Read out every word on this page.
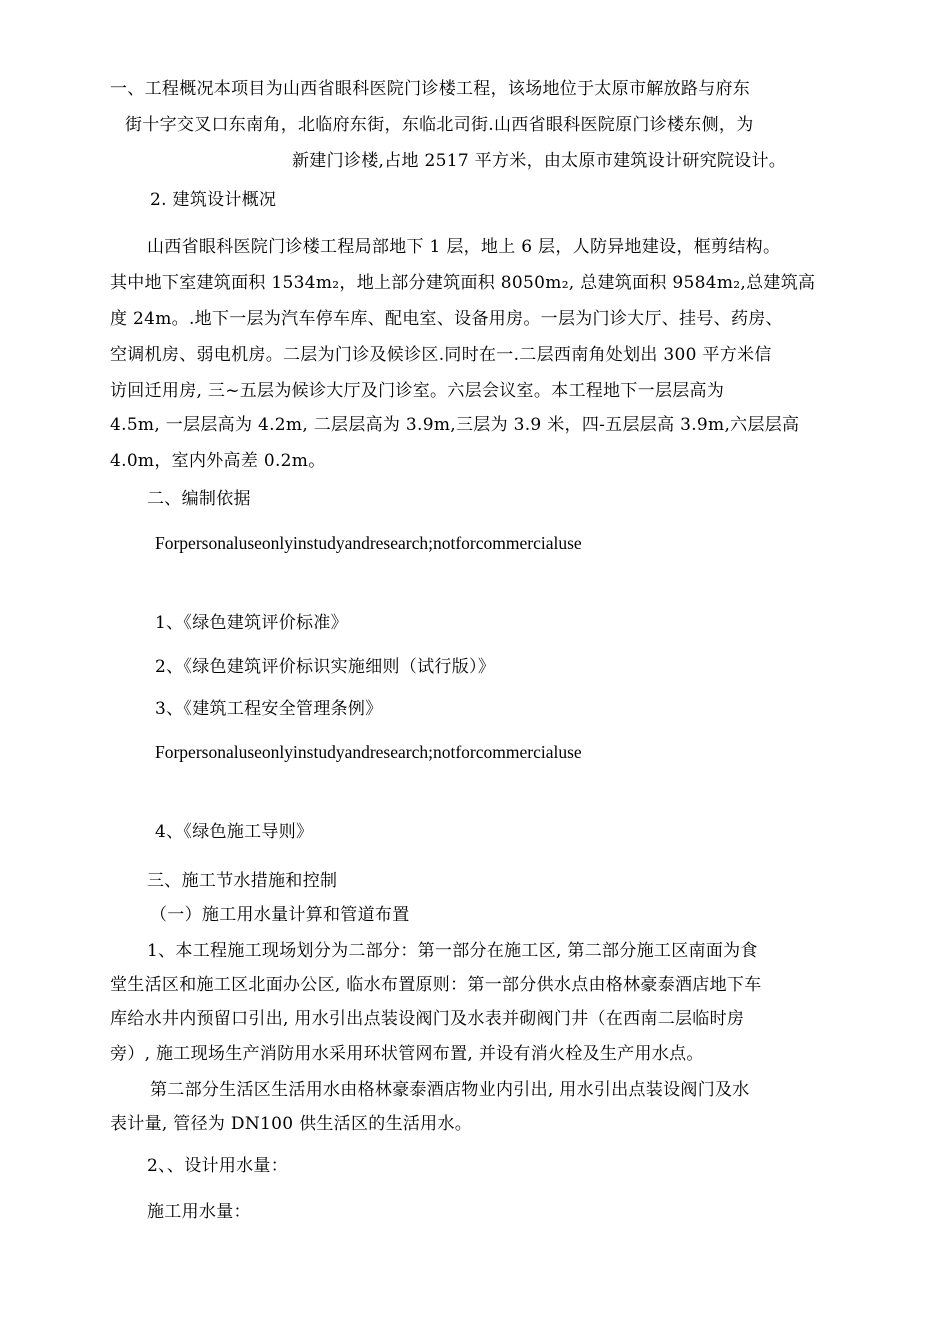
一、工程概况本项目为山西省眼科医院门诊楼工程，该场地位于太原市解放路与府东
街十字交叉口东南角，北临府东街，东临北司街.山西省眼科医院原门诊楼东侧，为
新建门诊楼,占地 2517 平方米，由太原市建筑设计研究院设计。
2. 建筑设计概况
山西省眼科医院门诊楼工程局部地下 1 层，地上 6 层，人防异地建设，框剪结构。
其中地下室建筑面积 1534m₂，地上部分建筑面积 8050m₂, 总建筑面积 9584m₂,总建筑高
度 24m。.地下一层为汽车停车库、配电室、设备用房。一层为门诊大厅、挂号、药房、
空调机房、弱电机房。二层为门诊及候诊区.同时在一.二层西南角处划出 300 平方米信
访回迁用房, 三~五层为候诊大厅及门诊室。六层会议室。本工程地下一层层高为
4.5m, 一层层高为 4.2m, 二层层高为 3.9m,三层为 3.9 米，四-五层层高 3.9m,六层层高
4.0m，室内外高差 0.2m。
二、编制依据
Forpersonaluseonlyinstudyandresearch;notforcommercialuse
1、《绿色建筑评价标准》
2、《绿色建筑评价标识实施细则（试行版）》
3、《建筑工程安全管理条例》
Forpersonaluseonlyinstudyandresearch;notforcommercialuse
4、《绿色施工导则》
三、施工节水措施和控制
（一）施工用水量计算和管道布置
1、本工程施工现场划分为二部分：第一部分在施工区, 第二部分施工区南面为食
堂生活区和施工区北面办公区, 临水布置原则：第一部分供水点由格林豪泰酒店地下车
库给水井内预留口引出, 用水引出点装设阀门及水表并砌阀门井（在西南二层临时房
旁）, 施工现场生产消防用水采用环状管网布置, 并设有消火栓及生产用水点。
第二部分生活区生活用水由格林豪泰酒店物业内引出, 用水引出点装设阀门及水
表计量, 管径为 DN100 供生活区的生活用水。
2、、设计用水量：
施工用水量：
